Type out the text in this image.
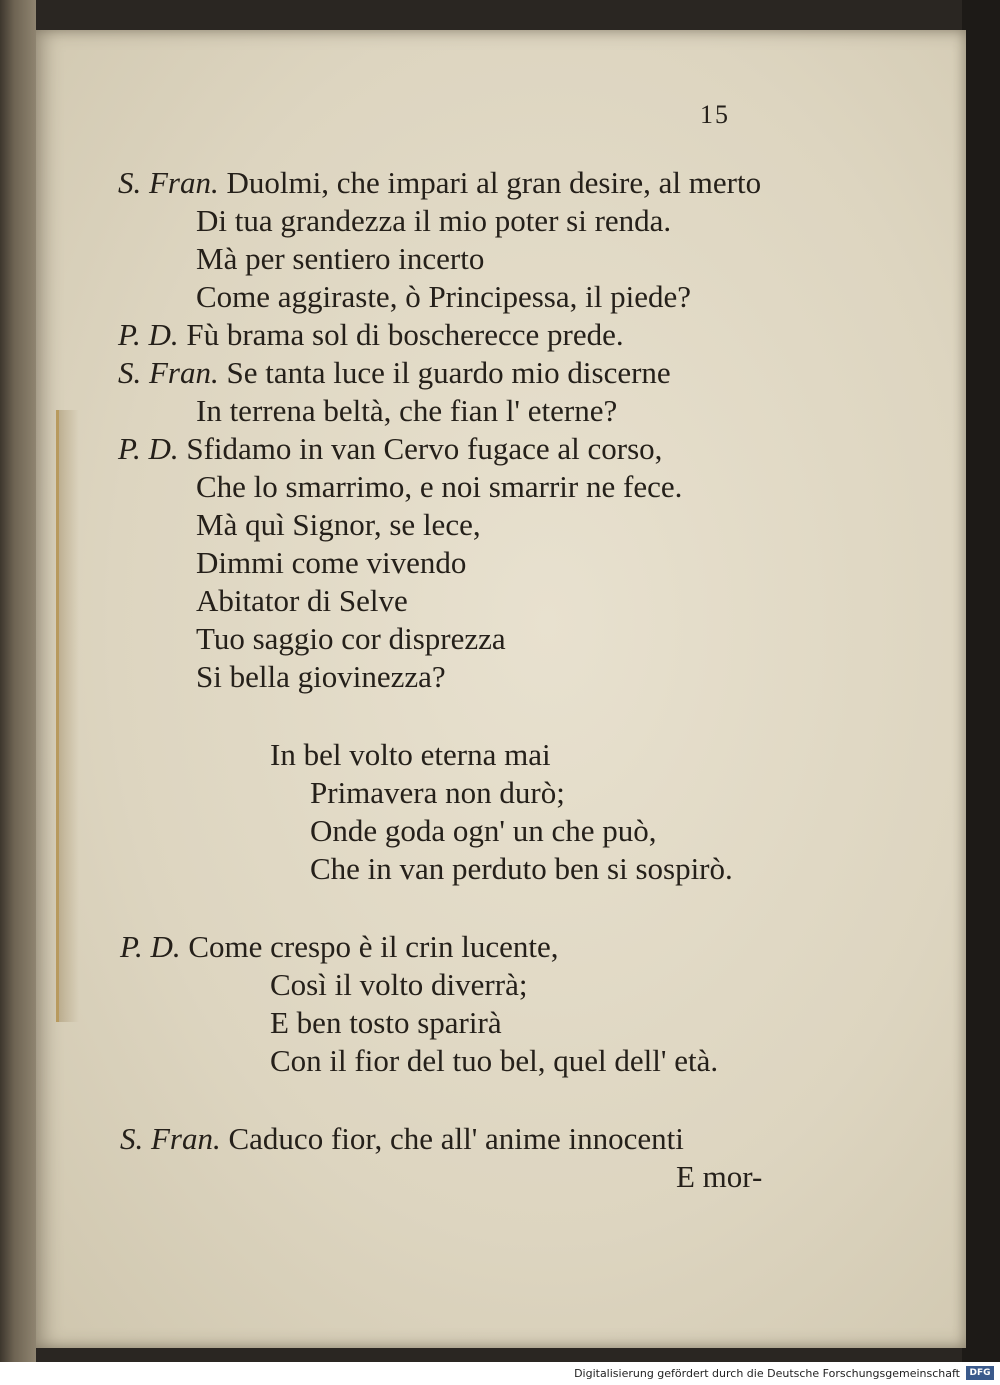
15
S. Fran. Duolmi, che impari al gran desire, al merto
Di tua grandezza il mio poter si renda.
Mà per sentiero incerto
Come aggiraste, ò Principessa, il piede?
P. D. Fù brama sol di boscherecce prede.
S. Fran. Se tanta luce il guardo mio discerne
In terrena beltà, che fian l' eterne?
P. D. Sfidamo in van Cervo fugace al corso,
Che lo smarrimo, e noi smarrir ne fece.
Mà quì Signor, se lece,
Dimmi come vivendo
Abitator di Selve
Tuo saggio cor disprezza
Si bella giovinezza?
In bel volto eterna mai
Primavera non durò;
Onde goda ogn' un che può,
Che in van perduto ben si sospirò.
P. D. Come crespo è il crin lucente,
Così il volto diverrà;
E ben tosto sparirà
Con il fior del tuo bel, quel dell' età.
S. Fran. Caduco fior, che all' anime innocenti
E mor-
Digitalisierung gefördert durch die Deutsche Forschungsgemeinschaft	DFG
